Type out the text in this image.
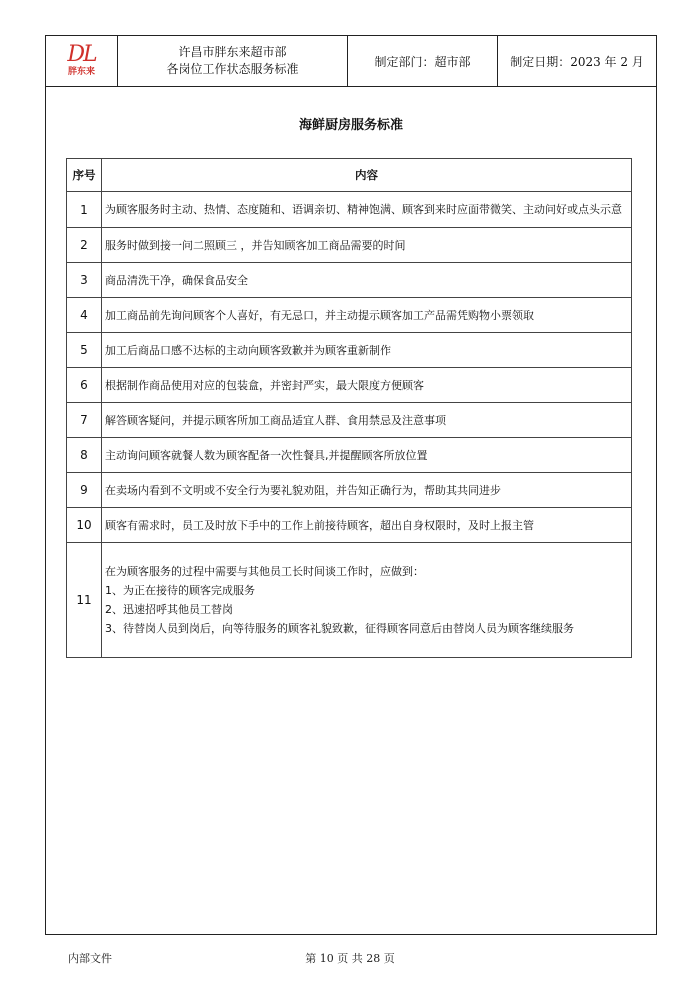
DL
胖东来
许昌市胖东来超市部
各岗位工作状态服务标准
制定部门：超市部	制定日期：2023 年 2 月
海鲜厨房服务标准
序号	内容
1	为顾客服务时主动、热情、态度随和、语调亲切、精神饱满、顾客到来时应面带微笑、主动问好或点头示意

2	服务时做到接一问二照顾三 ，并告知顾客加工商品需要的时间

3	商品清洗干净，确保食品安全

4	加工商品前先询问顾客个人喜好，有无忌口，并主动提示顾客加工产品需凭购物小票领取

5	加工后商品口感不达标的主动向顾客致歉并为顾客重新制作

6	根据制作商品使用对应的包装盒，并密封严实，最大限度方便顾客

7	解答顾客疑问，并提示顾客所加工商品适宜人群、食用禁忌及注意事项

8	主动询问顾客就餐人数为顾客配备一次性餐具,并提醒顾客所放位置

9	在卖场内看到不文明或不安全行为要礼貌劝阻，并告知正确行为，帮助其共同进步

10	顾客有需求时，员工及时放下手中的工作上前接待顾客，超出自身权限时，及时上报主管

11	在为顾客服务的过程中需要与其他员工长时间谈工作时，应做到：
1、为正在接待的顾客完成服务
2、迅速招呼其他员工替岗
3、待替岗人员到岗后，向等待服务的顾客礼貌致歉，征得顾客同意后由替岗人员为顾客继续服务
内部文件	第 10 页 共 28 页
